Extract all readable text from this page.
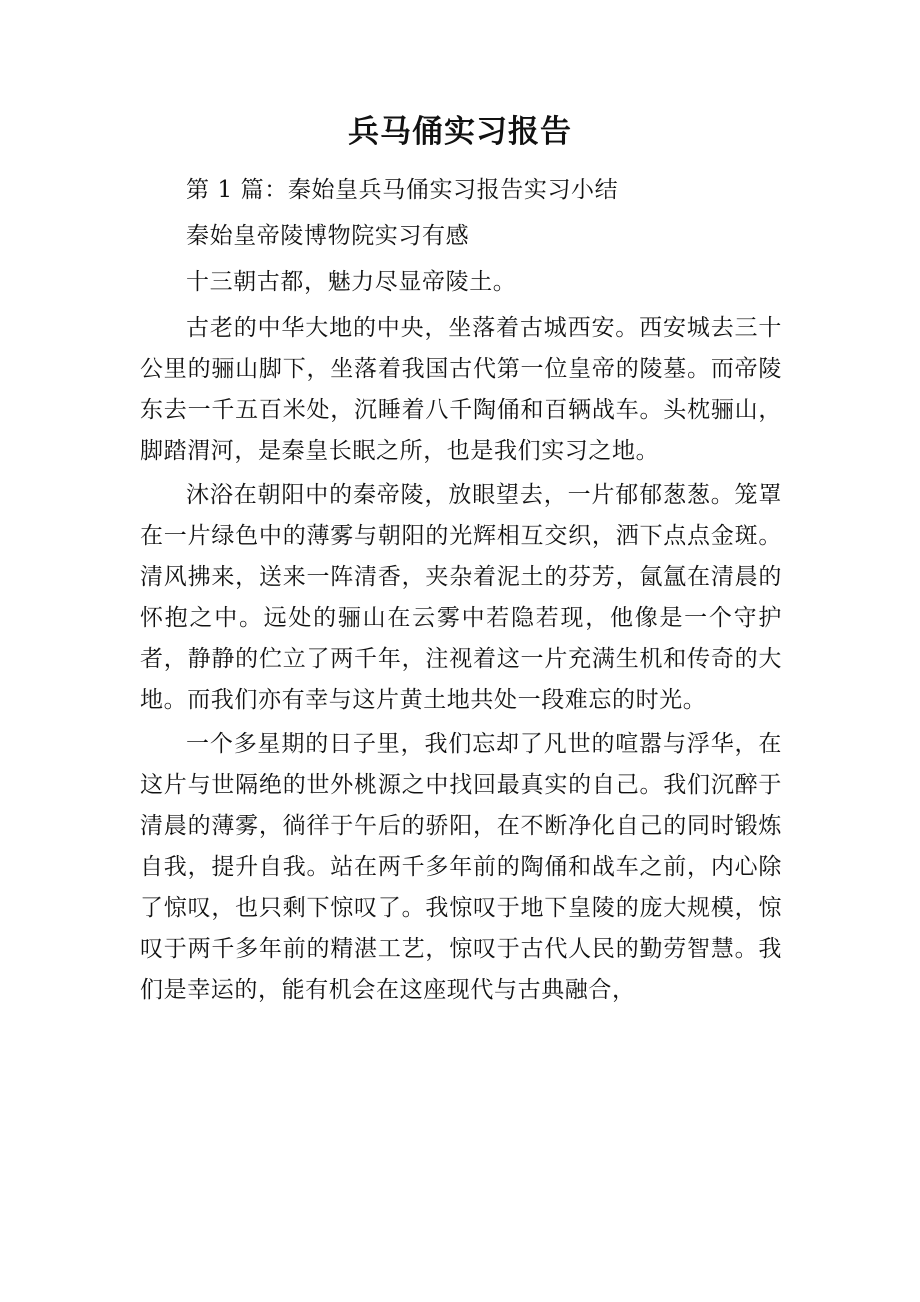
兵马俑实习报告

第 1 篇：秦始皇兵马俑实习报告实习小结

秦始皇帝陵博物院实习有感

十三朝古都，魅力尽显帝陵土。

古老的中华大地的中央，坐落着古城西安。西安城去三十公里的骊山脚下，坐落着我国古代第一位皇帝的陵墓。而帝陵东去一千五百米处，沉睡着八千陶俑和百辆战车。头枕骊山，脚踏渭河，是秦皇长眠之所，也是我们实习之地。

沐浴在朝阳中的秦帝陵，放眼望去，一片郁郁葱葱。笼罩在一片绿色中的薄雾与朝阳的光辉相互交织，洒下点点金斑。清风拂来，送来一阵清香，夹杂着泥土的芬芳，氤氲在清晨的怀抱之中。远处的骊山在云雾中若隐若现，他像是一个守护者，静静的伫立了两千年，注视着这一片充满生机和传奇的大地。而我们亦有幸与这片黄土地共处一段难忘的时光。

一个多星期的日子里，我们忘却了凡世的喧嚣与浮华，在这片与世隔绝的世外桃源之中找回最真实的自己。我们沉醉于清晨的薄雾，徜徉于午后的骄阳，在不断净化自己的同时锻炼自我，提升自我。站在两千多年前的陶俑和战车之前，内心除了惊叹，也只剩下惊叹了。我惊叹于地下皇陵的庞大规模，惊叹于两千多年前的精湛工艺，惊叹于古代人民的勤劳智慧。我们是幸运的，能有机会在这座现代与古典融合，
